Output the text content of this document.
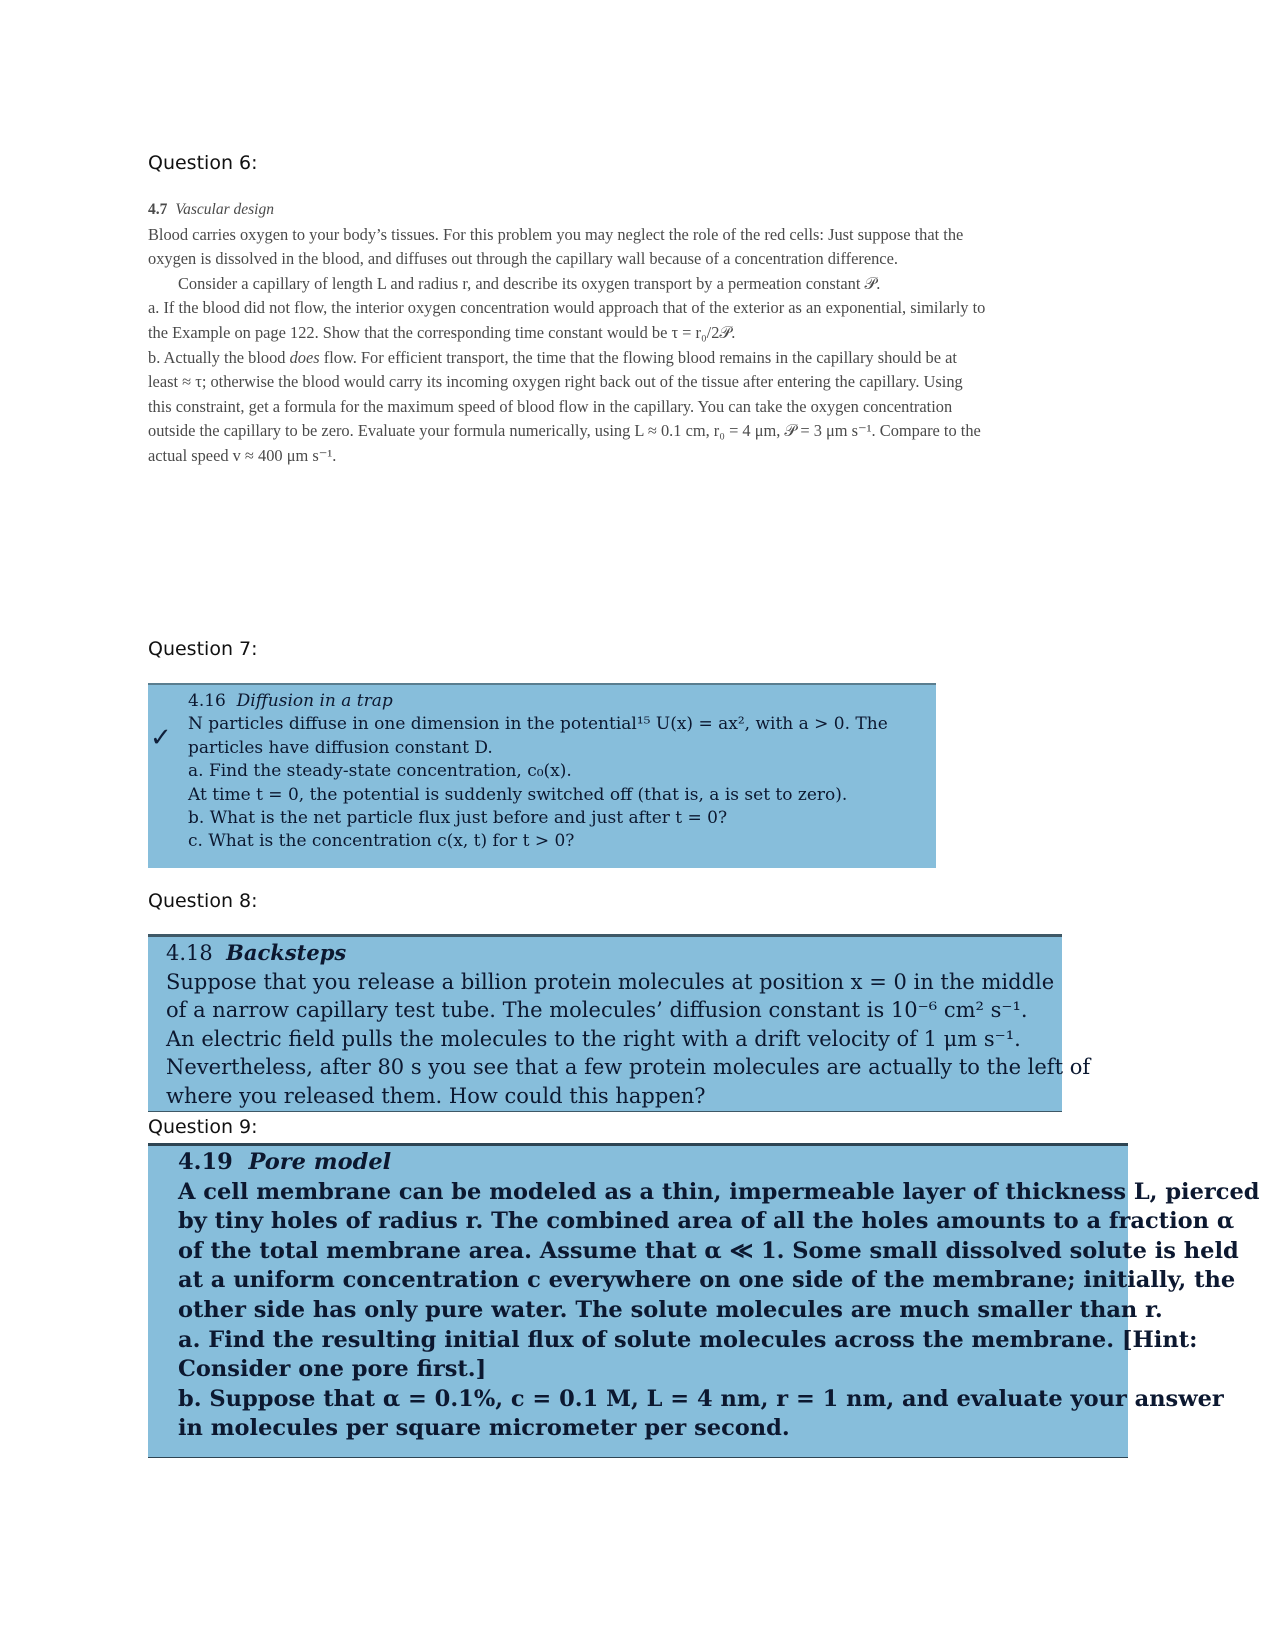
Question 6:

4.7 Vascular design

Blood carries oxygen to your body’s tissues. For this problem you may neglect the role of the red cells: Just suppose that the oxygen is dissolved in the blood, and diffuses out through the capillary wall because of a concentration difference.

Consider a capillary of length L and radius r, and describe its oxygen transport by a permeation constant 𝒫.

a. If the blood did not flow, the interior oxygen concentration would approach that of the exterior as an exponential, similarly to the Example on page 122. Show that the corresponding time constant would be τ = r₀/2𝒫.

b. Actually the blood does flow. For efficient transport, the time that the flowing blood remains in the capillary should be at least ≈ τ; otherwise the blood would carry its incoming oxygen right back out of the tissue after entering the capillary. Using this constraint, get a formula for the maximum speed of blood flow in the capillary. You can take the oxygen concentration outside the capillary to be zero. Evaluate your formula numerically, using L ≈ 0.1 cm, r₀ = 4 μm, 𝒫 = 3 μm s⁻¹. Compare to the actual speed v ≈ 400 μm s⁻¹.

Question 7:
✓

4.16 Diffusion in a trap

N particles diffuse in one dimension in the potential¹⁵ U(x) = ax², with a > 0. The

particles have diffusion constant D.

a. Find the steady-state concentration, c₀(x).

At time t = 0, the potential is suddenly switched off (that is, a is set to zero).

b. What is the net particle flux just before and just after t = 0?

c. What is the concentration c(x, t) for t > 0?

Question 8:

4.18 Backsteps

Suppose that you release a billion protein molecules at position x = 0 in the middle

of a narrow capillary test tube. The molecules’ diffusion constant is 10⁻⁶ cm² s⁻¹.

An electric field pulls the molecules to the right with a drift velocity of 1 μm s⁻¹.

Nevertheless, after 80 s you see that a few protein molecules are actually to the left of

where you released them. How could this happen?

Question 9:

4.19 Pore model

A cell membrane can be modeled as a thin, impermeable layer of thickness L, pierced

by tiny holes of radius r. The combined area of all the holes amounts to a fraction α

of the total membrane area. Assume that α ≪ 1. Some small dissolved solute is held

at a uniform concentration c everywhere on one side of the membrane; initially, the

other side has only pure water. The solute molecules are much smaller than r.

a. Find the resulting initial flux of solute molecules across the membrane. [Hint:

Consider one pore first.]

b. Suppose that α = 0.1%, c = 0.1 M, L = 4 nm, r = 1 nm, and evaluate your answer

in molecules per square micrometer per second.
